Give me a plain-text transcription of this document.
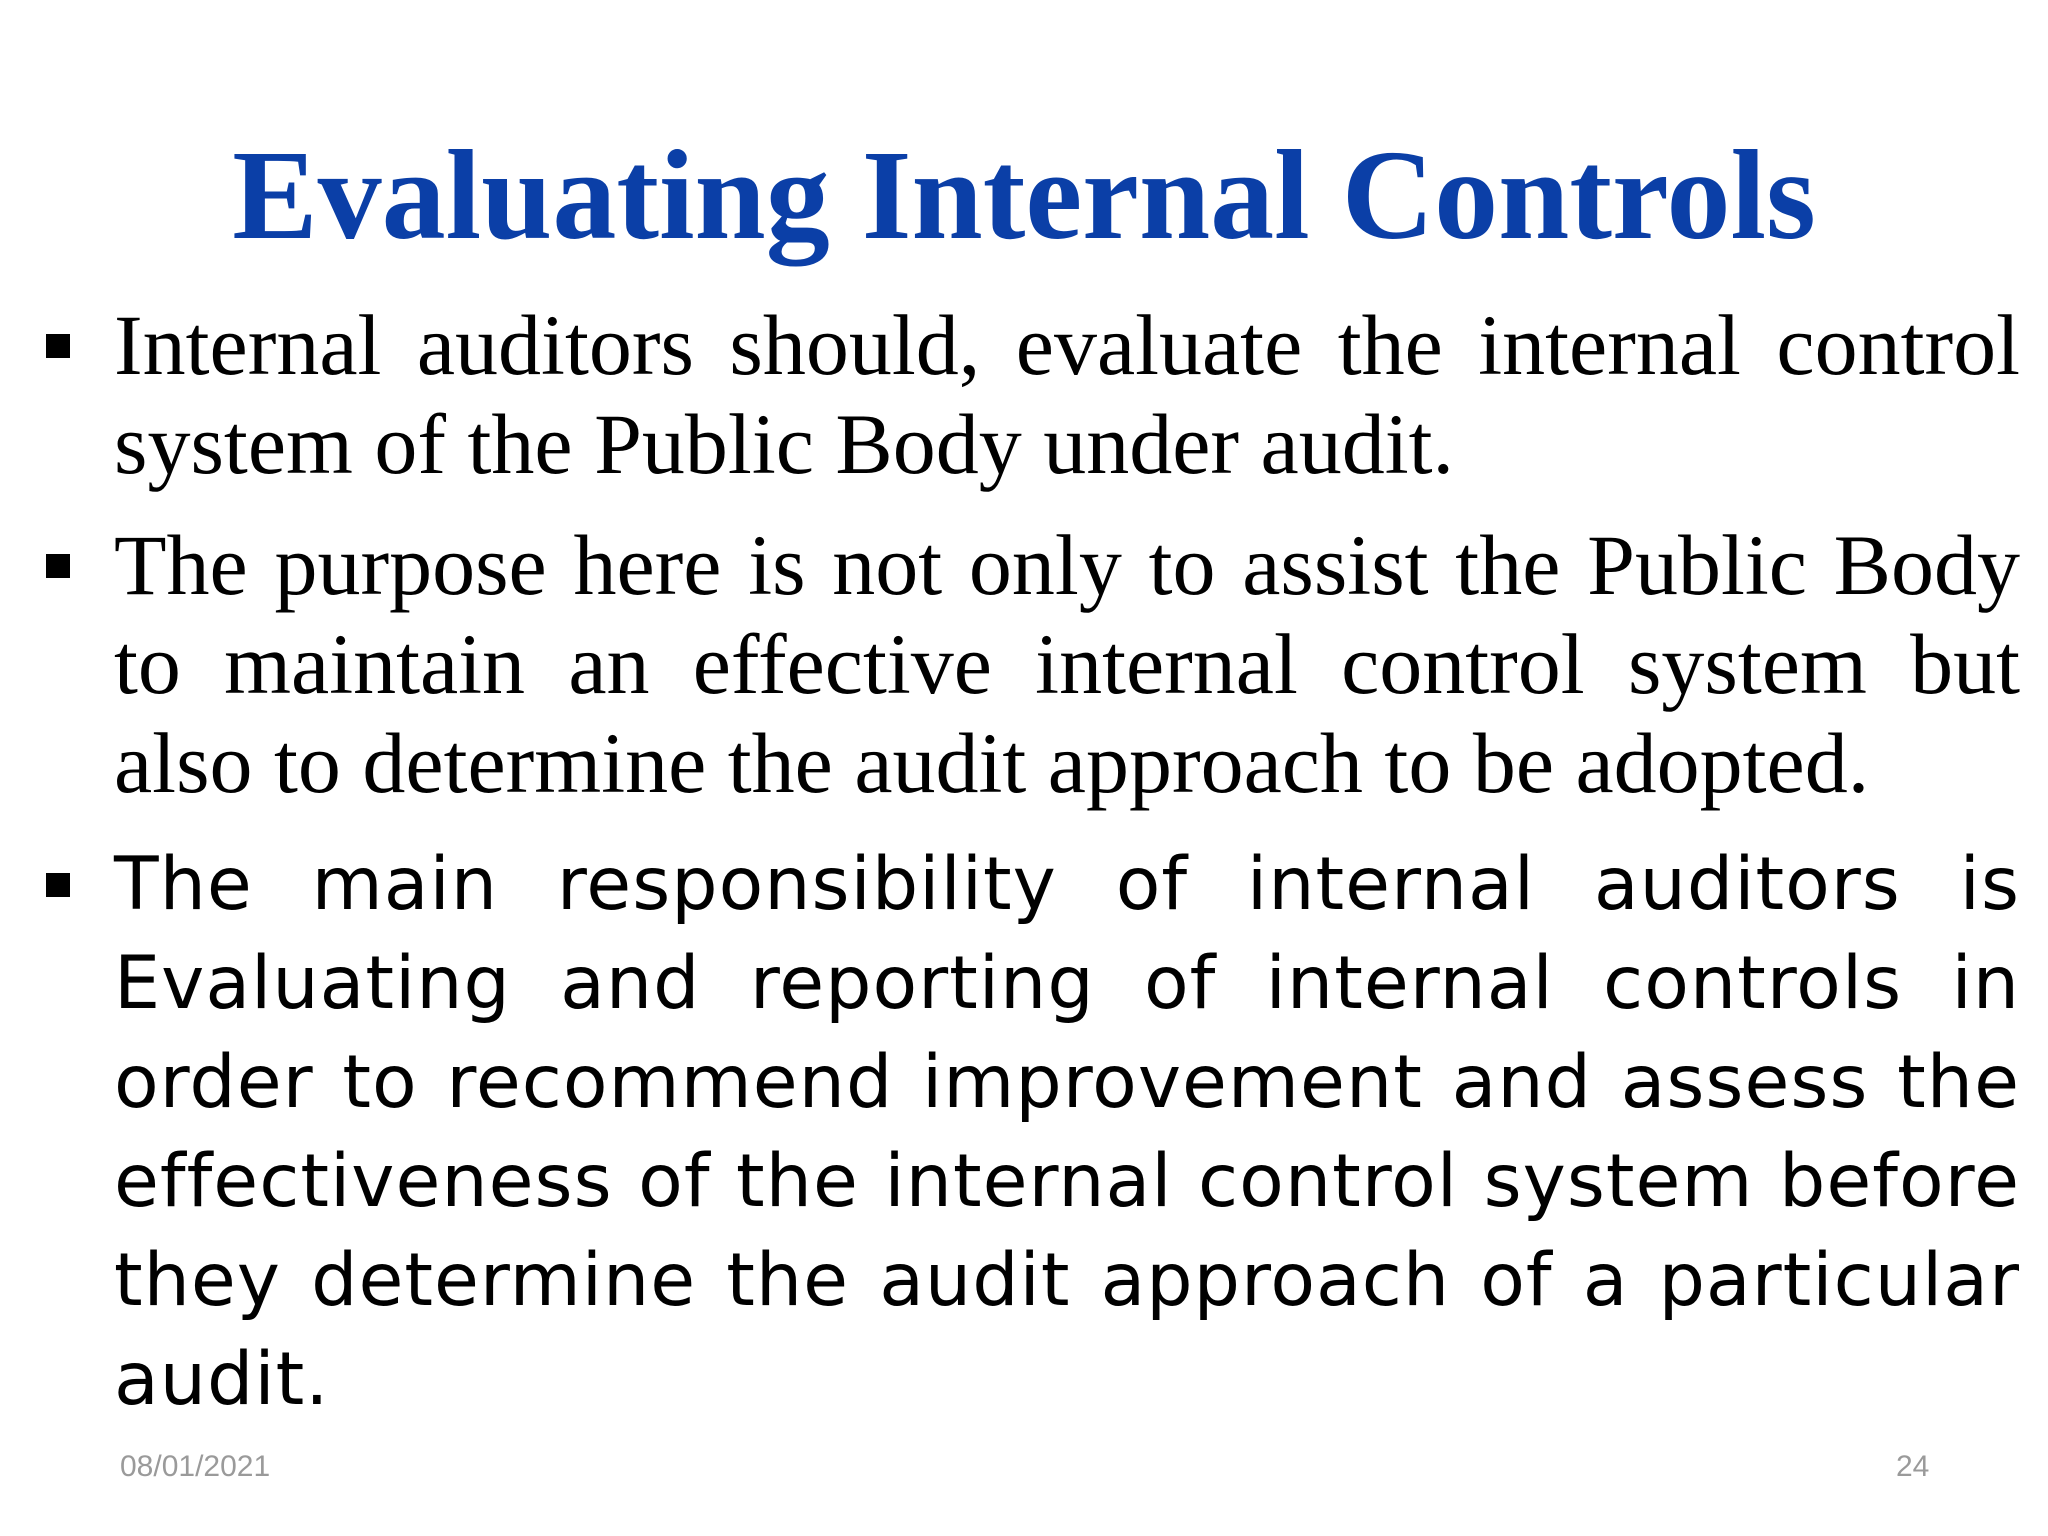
Evaluating Internal Controls
Internal auditors should, evaluate the internal control system of the Public Body under audit.
The purpose here is not only to assist the Public Body to maintain an effective internal control system but also to determine the audit approach to be adopted.
The main responsibility of internal auditors is Evaluating and reporting of internal controls in order to recommend improvement and assess the effectiveness of the internal control system before they determine the audit approach of a particular audit.
08/01/2021	24
